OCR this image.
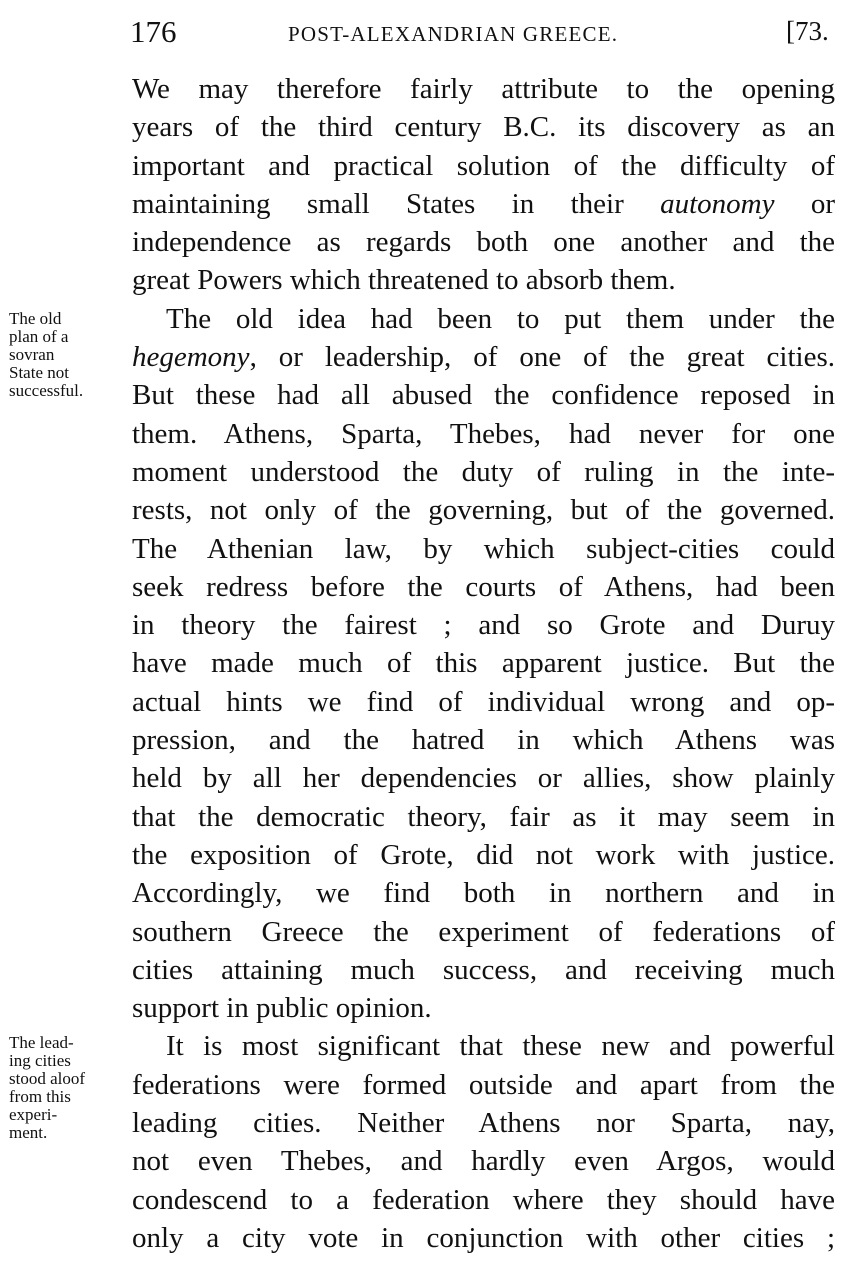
176	POST-ALEXANDRIAN GREECE.	[73.
The old
plan of a
sovran
State not
successful.
The lead-
ing cities
stood aloof
from this
experi-
ment.
We may therefore fairly attribute to the opening
years of the third century B.C. its discovery as an
important and practical solution of the difficulty of
maintaining small States in their autonomy or
independence as regards both one another and the
great Powers which threatened to absorb them.
The old idea had been to put them under the
hegemony, or leadership, of one of the great cities.
But these had all abused the confidence reposed in
them. Athens, Sparta, Thebes, had never for one
moment understood the duty of ruling in the inte-
rests, not only of the governing, but of the governed.
The Athenian law, by which subject-cities could
seek redress before the courts of Athens, had been
in theory the fairest ; and so Grote and Duruy
have made much of this apparent justice. But the
actual hints we find of individual wrong and op-
pression, and the hatred in which Athens was
held by all her dependencies or allies, show plainly
that the democratic theory, fair as it may seem in
the exposition of Grote, did not work with justice.
Accordingly, we find both in northern and in
southern Greece the experiment of federations of
cities attaining much success, and receiving much
support in public opinion.
It is most significant that these new and powerful
federations were formed outside and apart from the
leading cities. Neither Athens nor Sparta, nay,
not even Thebes, and hardly even Argos, would
condescend to a federation where they should have
only a city vote in conjunction with other cities ;
